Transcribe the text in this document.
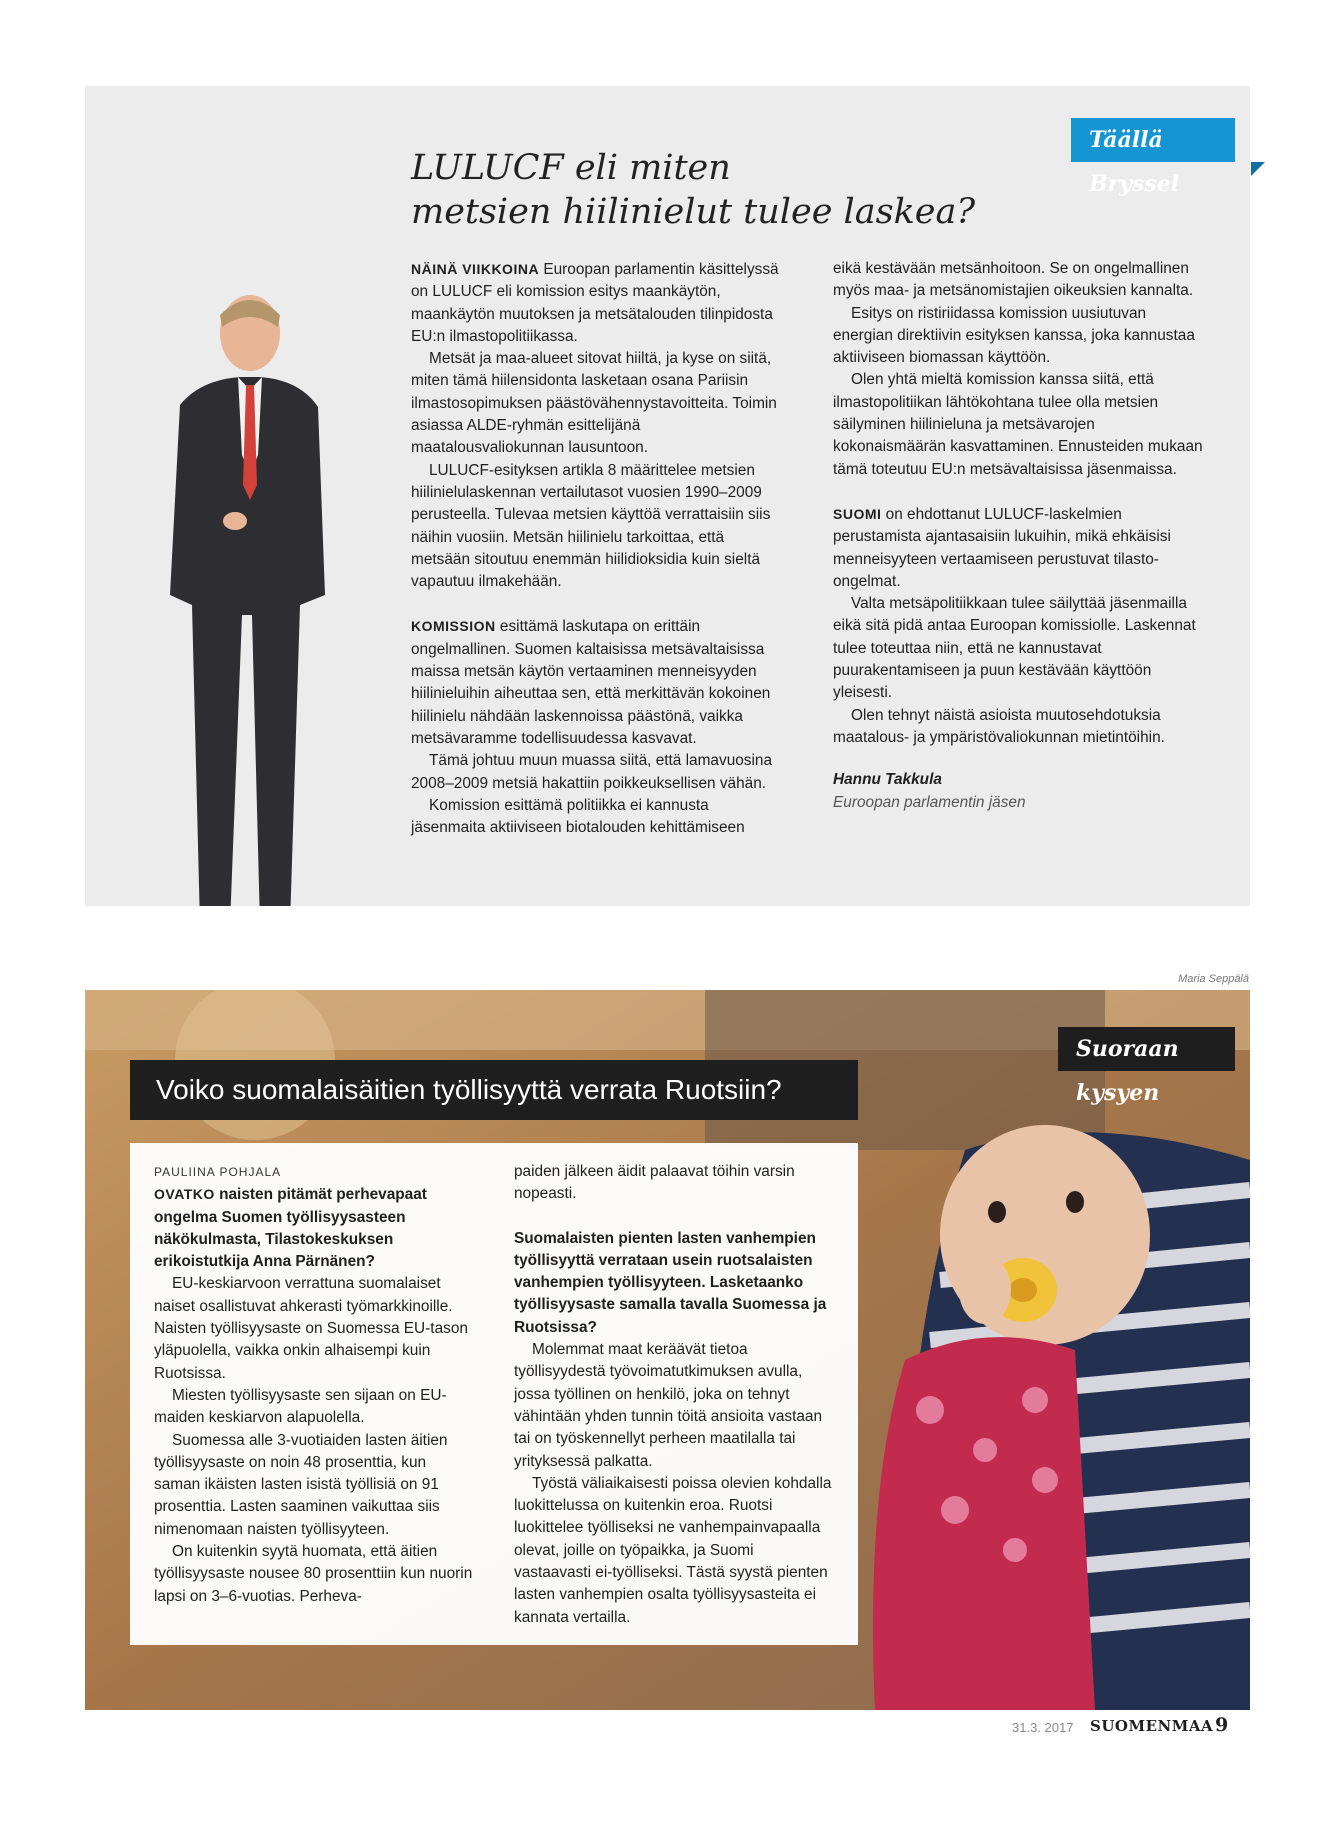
Täällä Bryssel
LULUCF eli miten
metsien hiilinielut tulee laskea?

NÄINÄ VIIKKOINA Euroopan parlamentin käsittelyssä on LULUCF eli komission esitys maankäytön, maankäytön muutoksen ja metsätalouden tilinpidosta EU:n ilmastopolitiikassa.

Metsät ja maa-alueet sitovat hiiltä, ja kyse on siitä, miten tämä hiilensidonta lasketaan osana Pariisin ilmastosopimuksen päästövähennystavoitteita. Toimin asiassa ALDE-ryhmän esittelijänä maatalousvaliokunnan lausuntoon.

LULUCF-esityksen artikla 8 määrittelee metsien hiilinielulaskennan vertailutasot vuosien 1990–2009 perusteella. Tulevaa metsien käyttöä verrattaisiin siis näihin vuosiin. Metsän hiilinielu tarkoittaa, että metsään sitoutuu enemmän hiilidioksidia kuin sieltä vapautuu ilmakehään.

KOMISSION esittämä laskutapa on erittäin ongelmallinen. Suomen kaltaisissa metsävaltaisissa maissa metsän käytön vertaaminen menneisyyden hiilinieluihin aiheuttaa sen, että merkittävän kokoinen hiilinielu nähdään laskennoissa päästönä, vaikka metsävaramme todellisuudessa kasvavat.

Tämä johtuu muun muassa siitä, että lamavuosina 2008–2009 metsiä hakattiin poikkeuksellisen vähän.

Komission esittämä politiikka ei kannusta jäsenmaita aktiiviseen biotalouden kehittämiseen

eikä kestävään metsänhoitoon. Se on ongelmallinen myös maa- ja metsänomistajien oikeuksien kannalta.

Esitys on ristiriidassa komission uusiutuvan energian direktiivin esityksen kanssa, joka kannustaa aktiiviseen biomassan käyttöön.

Olen yhtä mieltä komission kanssa siitä, että ilmastopolitiikan lähtökohtana tulee olla metsien säilyminen hiilinieluna ja metsävarojen kokonaismäärän kasvattaminen. Ennusteiden mukaan tämä toteutuu EU:n metsävaltaisissa jäsenmaissa.

SUOMI on ehdottanut LULUCF-laskelmien perustamista ajantasaisiin lukuihin, mikä ehkäisisi menneisyyteen vertaamiseen perustuvat tilasto-ongelmat.

Valta metsäpolitiikkaan tulee säilyttää jäsenmailla eikä sitä pidä antaa Euroopan komissiolle. Laskennat tulee toteuttaa niin, että ne kannustavat puurakentamiseen ja puun kestävään käyttöön yleisesti.

Olen tehnyt näistä asioista muutosehdotuksia maatalous- ja ympäristövaliokunnan mietintöihin.

Hannu Takkula

Euroopan parlamentin jäsen

Maria Seppälä
Suoraan kysyen
Voiko suomalaisäitien työllisyyttä verrata Ruotsiin?

PAULIINA POHJALA

OVATKO naisten pitämät perhevapaat ongelma Suomen työllisyysasteen näkökulmasta, Tilastokeskuksen erikoistutkija Anna Pärnänen?

EU-keskiarvoon verrattuna suomalaiset naiset osallistuvat ahkerasti työmarkkinoille. Naisten työllisyysaste on Suomessa EU-tason yläpuolella, vaikka onkin alhaisempi kuin Ruotsissa.

Miesten työllisyysaste sen sijaan on EU-maiden keskiarvon alapuolella.

Suomessa alle 3-vuotiaiden lasten äitien työllisyysaste on noin 48 prosenttia, kun saman ikäisten lasten isistä työllisiä on 91 prosenttia. Lasten saaminen vaikuttaa siis nimenomaan naisten työllisyyteen.

On kuitenkin syytä huomata, että äitien työllisyysaste nousee 80 prosenttiin kun nuorin lapsi on 3–6-vuotias. Perheva-

paiden jälkeen äidit palaavat töihin varsin nopeasti.

Suomalaisten pienten lasten vanhempien työllisyyttä verrataan usein ruotsalaisten vanhempien työllisyyteen. Lasketaanko työllisyysaste samalla tavalla Suomessa ja Ruotsissa?

Molemmat maat keräävät tietoa työllisyydestä työvoimatutkimuksen avulla, jossa työllinen on henkilö, joka on tehnyt vähintään yhden tunnin töitä ansioita vastaan tai on työskennellyt perheen maatilalla tai yrityksessä palkatta.

Työstä väliaikaisesti poissa olevien kohdalla luokittelussa on kuitenkin eroa. Ruotsi luokittelee työlliseksi ne vanhempainvapaalla olevat, joille on työpaikka, ja Suomi vastaavasti ei-työlliseksi. Tästä syystä pienten lasten vanhempien osalta työllisyysasteita ei kannata vertailla.

31.3. 2017 SUOMENMAA 9
